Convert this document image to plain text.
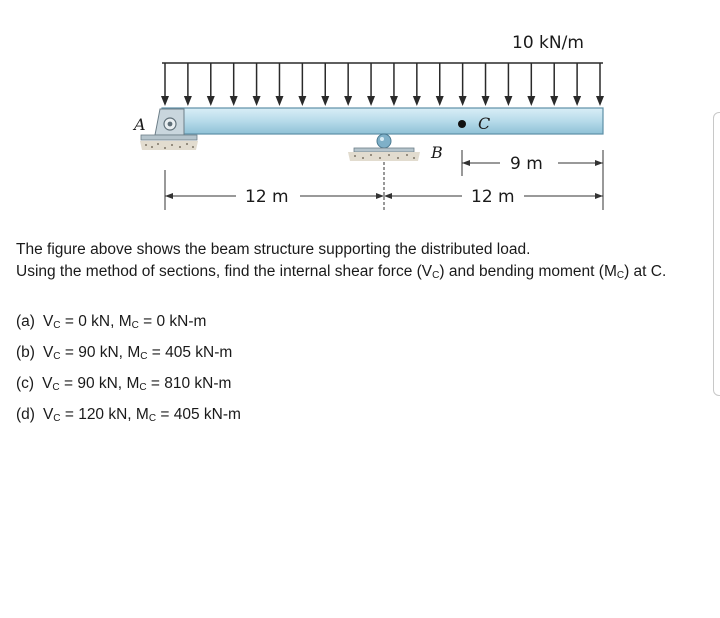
10 kN/m
A
B
C
9 m
12 m	12 m

The figure above shows the beam structure supporting the distributed load.

Using the method of sections, find the internal shear force $(V_C)$ and bending moment $(M_C)$ at C.

(a) $V_C = 0$ kN, $M_C = 0$ kN-m
(b) $V_C = 90$ kN, $M_C = 405$ kN-m
(c) $V_C = 90$ kN, $M_C = 810$ kN-m
(d) $V_C = 120$ kN, $M_C = 405$ kN-m
